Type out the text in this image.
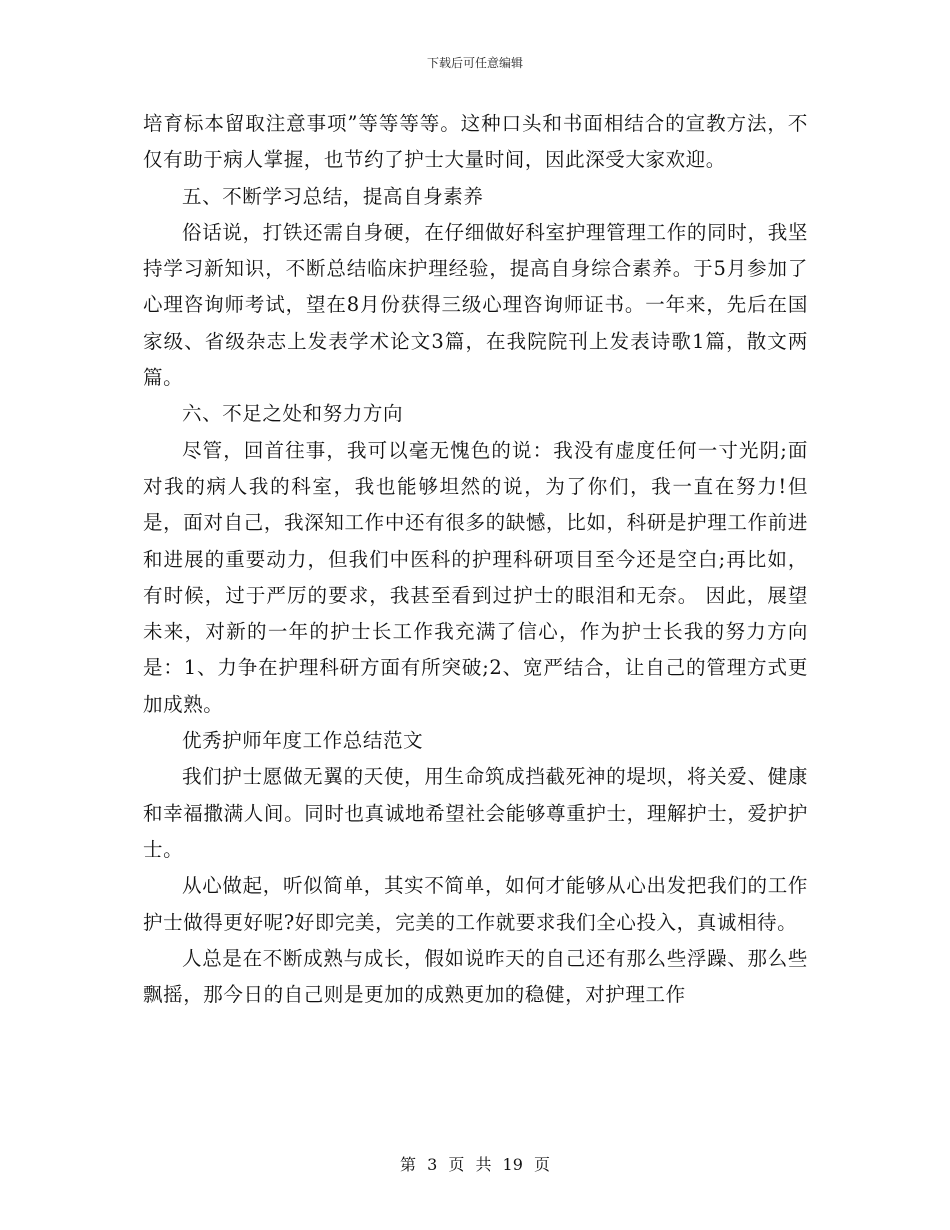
下载后可任意编辑

培育标本留取注意事项”等等等等。这种口头和书面相结合的宣教方法，不仅有助于病人掌握，也节约了护士大量时间，因此深受大家欢迎。

五、不断学习总结，提高自身素养

俗话说，打铁还需自身硬，在仔细做好科室护理管理工作的同时，我坚持学习新知识，不断总结临床护理经验，提高自身综合素养。于5月参加了心理咨询师考试，望在8月份获得三级心理咨询师证书。一年来，先后在国家级、省级杂志上发表学术论文3篇，在我院院刊上发表诗歌1篇，散文两篇。

六、不足之处和努力方向

尽管，回首往事，我可以毫无愧色的说：我没有虚度任何一寸光阴;面对我的病人我的科室，我也能够坦然的说，为了你们，我一直在努力!但是，面对自己，我深知工作中还有很多的缺憾，比如，科研是护理工作前进和进展的重要动力，但我们中医科的护理科研项目至今还是空白;再比如，有时候，过于严厉的要求，我甚至看到过护士的眼泪和无奈。 因此，展望未来，对新的一年的护士长工作我充满了信心，作为护士长我的努力方向是：1、力争在护理科研方面有所突破;2、宽严结合，让自己的管理方式更加成熟。

优秀护师年度工作总结范文

我们护士愿做无翼的天使，用生命筑成挡截死神的堤坝，将关爱、健康和幸福撒满人间。同时也真诚地希望社会能够尊重护士，理解护士，爱护护士。

从心做起，听似简单，其实不简单，如何才能够从心出发把我们的工作护士做得更好呢?好即完美，完美的工作就要求我们全心投入，真诚相待。

人总是在不断成熟与成长，假如说昨天的自己还有那么些浮躁、那么些飘摇，那今日的自己则是更加的成熟更加的稳健，对护理工作

第 3 页 共 19 页
